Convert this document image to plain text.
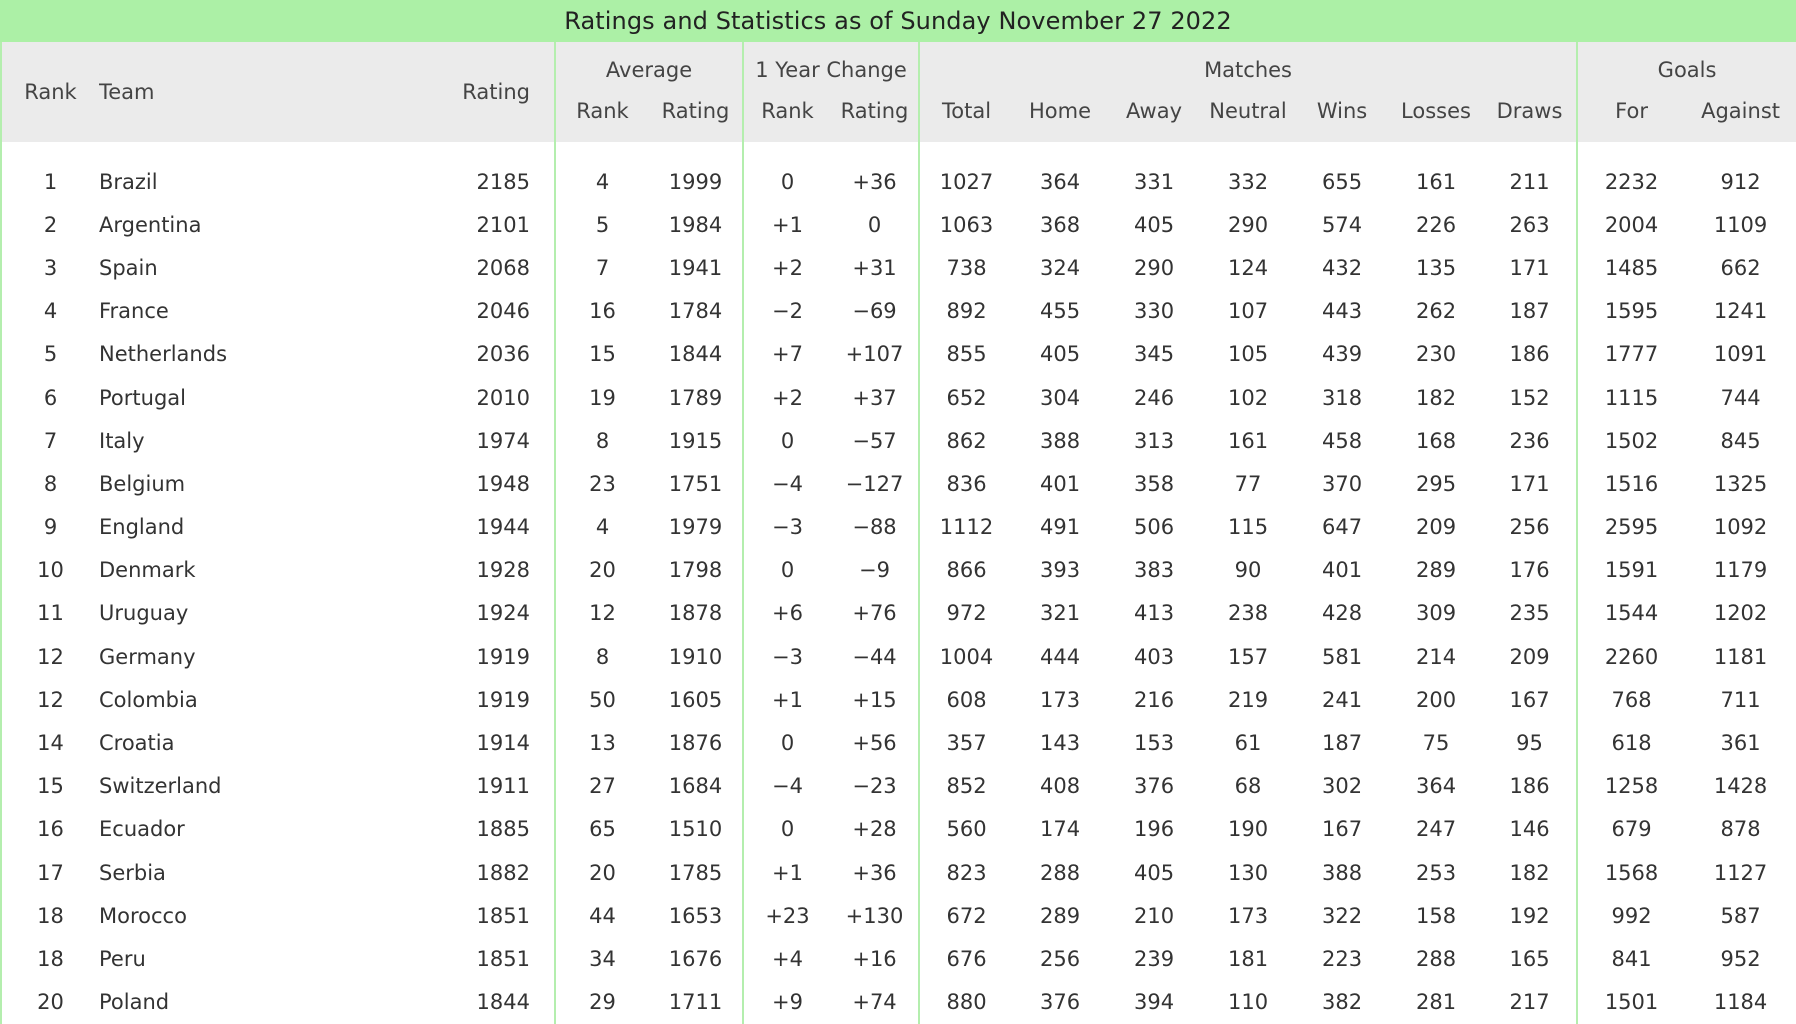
Ratings and Statistics as of Sunday November 27 2022
Rank	Team	Rating	Average		1 Year Change		Matches							Goals	
			Rank	Rating	Rank	Rating	Total	Home	Away	Neutral	Wins	Losses	Draws	For	Against

1	Brazil	2185	4	1999	0	+36	1027	364	331	332	655	161	211	2232	912
2	Argentina	2101	5	1984	+1	0	1063	368	405	290	574	226	263	2004	1109
3	Spain	2068	7	1941	+2	+31	738	324	290	124	432	135	171	1485	662
4	France	2046	16	1784	−2	−69	892	455	330	107	443	262	187	1595	1241
5	Netherlands	2036	15	1844	+7	+107	855	405	345	105	439	230	186	1777	1091
6	Portugal	2010	19	1789	+2	+37	652	304	246	102	318	182	152	1115	744
7	Italy	1974	8	1915	0	−57	862	388	313	161	458	168	236	1502	845
8	Belgium	1948	23	1751	−4	−127	836	401	358	77	370	295	171	1516	1325
9	England	1944	4	1979	−3	−88	1112	491	506	115	647	209	256	2595	1092
10	Denmark	1928	20	1798	0	−9	866	393	383	90	401	289	176	1591	1179
11	Uruguay	1924	12	1878	+6	+76	972	321	413	238	428	309	235	1544	1202
12	Germany	1919	8	1910	−3	−44	1004	444	403	157	581	214	209	2260	1181
12	Colombia	1919	50	1605	+1	+15	608	173	216	219	241	200	167	768	711
14	Croatia	1914	13	1876	0	+56	357	143	153	61	187	75	95	618	361
15	Switzerland	1911	27	1684	−4	−23	852	408	376	68	302	364	186	1258	1428
16	Ecuador	1885	65	1510	0	+28	560	174	196	190	167	247	146	679	878
17	Serbia	1882	20	1785	+1	+36	823	288	405	130	388	253	182	1568	1127
18	Morocco	1851	44	1653	+23	+130	672	289	210	173	322	158	192	992	587
18	Peru	1851	34	1676	+4	+16	676	256	239	181	223	288	165	841	952
20	Poland	1844	29	1711	+9	+74	880	376	394	110	382	281	217	1501	1184
